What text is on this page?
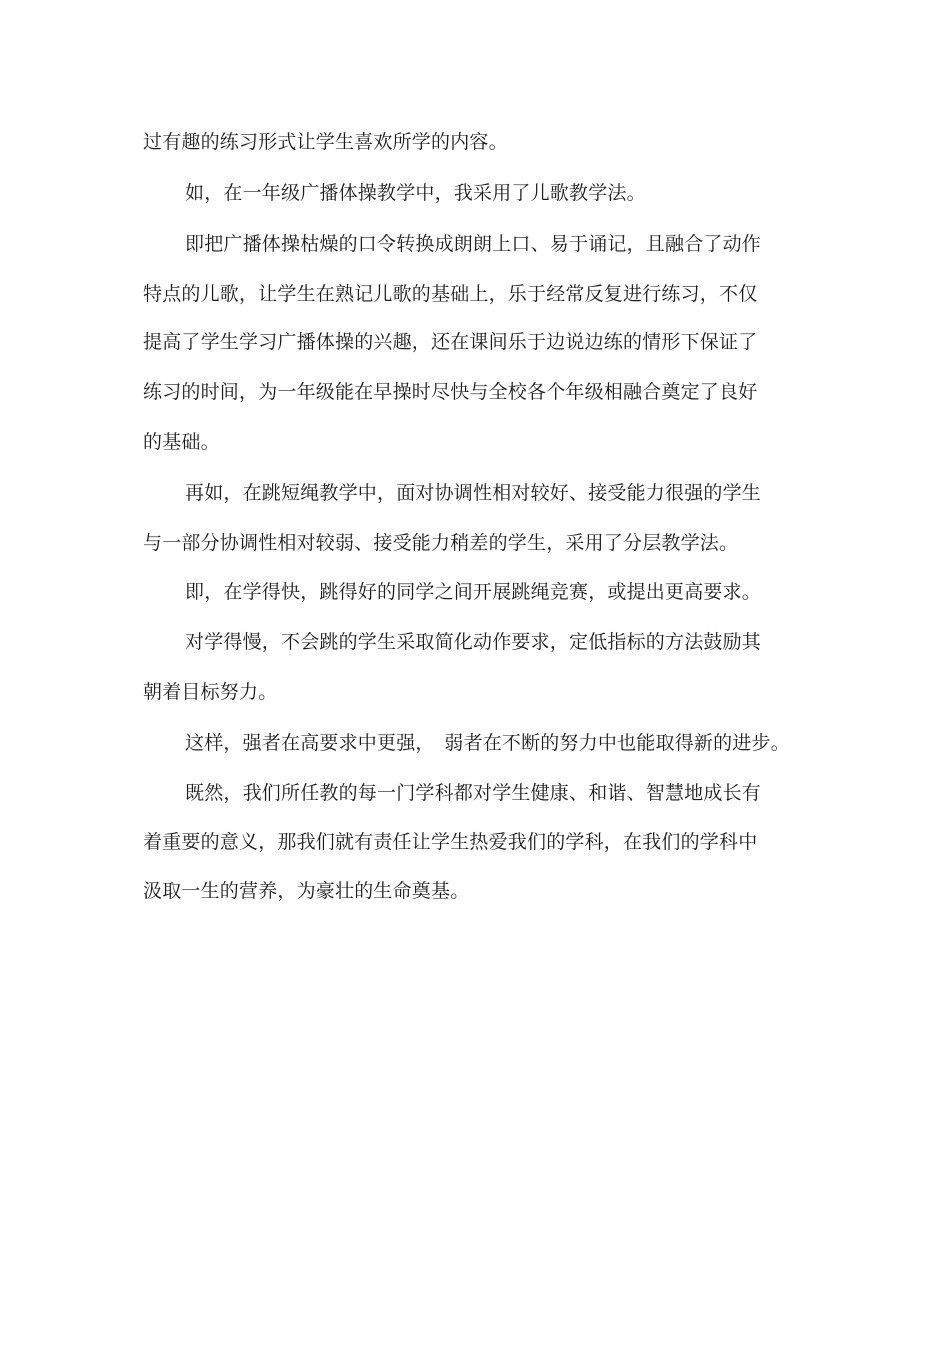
过有趣的练习形式让学生喜欢所学的内容。
如，在一年级广播体操教学中，我采用了儿歌教学法。
即把广播体操枯燥的口令转换成朗朗上口、易于诵记，且融合了动作
特点的儿歌，让学生在熟记儿歌的基础上，乐于经常反复进行练习，不仅
提高了学生学习广播体操的兴趣，还在课间乐于边说边练的情形下保证了
练习的时间，为一年级能在早操时尽快与全校各个年级相融合奠定了良好
的基础。
再如，在跳短绳教学中，面对协调性相对较好、接受能力很强的学生
与一部分协调性相对较弱、接受能力稍差的学生，采用了分层教学法。
即，在学得快，跳得好的同学之间开展跳绳竞赛，或提出更高要求。
对学得慢，不会跳的学生采取简化动作要求，定低指标的方法鼓励其
朝着目标努力。
这样，强者在高要求中更强，　弱者在不断的努力中也能取得新的进步。
既然，我们所任教的每一门学科都对学生健康、和谐、智慧地成长有
着重要的意义，那我们就有责任让学生热爱我们的学科，在我们的学科中
汲取一生的营养，为豪壮的生命奠基。
